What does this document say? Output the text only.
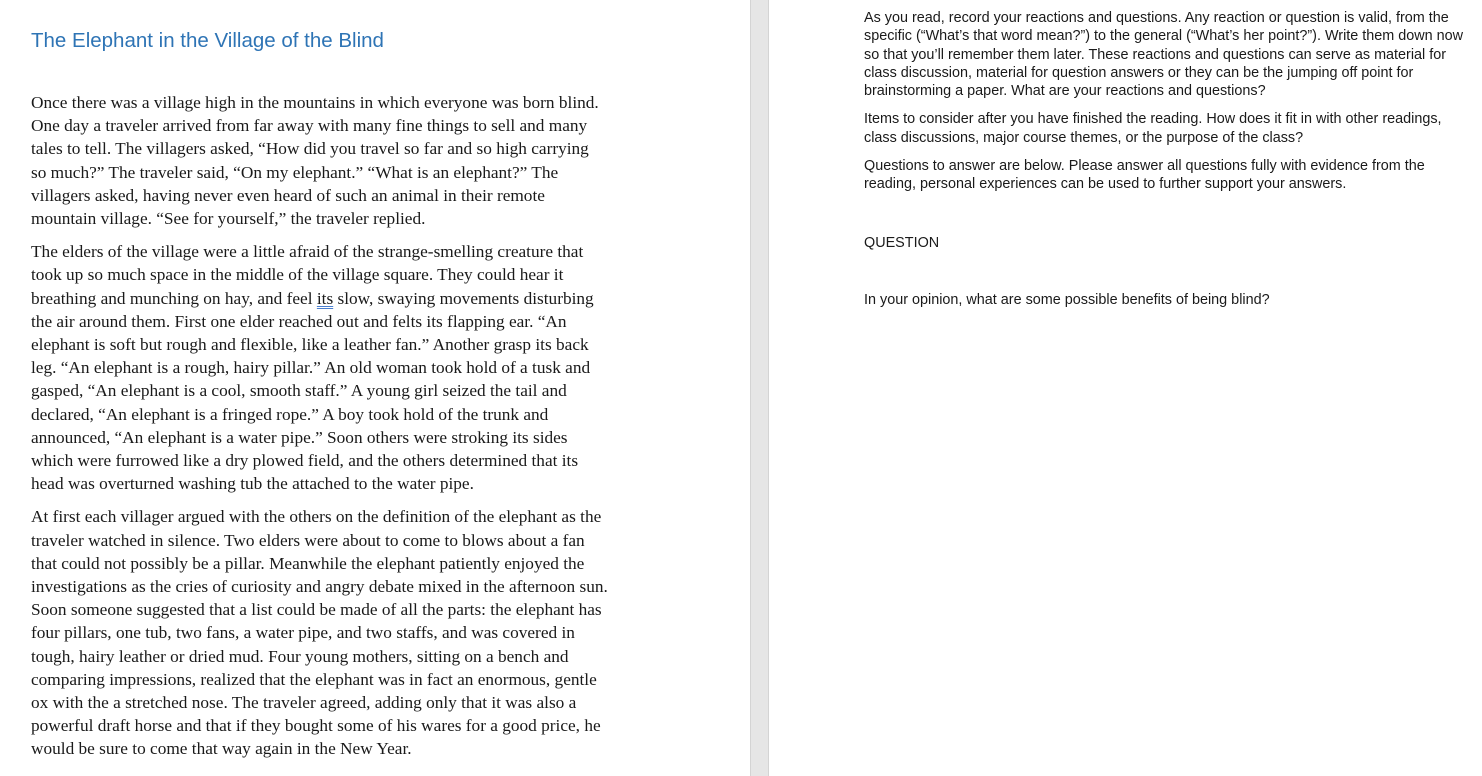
The Elephant in the Village of the Blind

Once there was a village high in the mountains in which everyone was born blind.
One day a traveler arrived from far away with many fine things to sell and many
tales to tell. The villagers asked, “How did you travel so far and so high carrying
so much?” The traveler said, “On my elephant.” “What is an elephant?” The
villagers asked, having never even heard of such an animal in their remote
mountain village. “See for yourself,” the traveler replied.

The elders of the village were a little afraid of the strange-smelling creature that
took up so much space in the middle of the village square. They could hear it
breathing and munching on hay, and feel its slow, swaying movements disturbing
the air around them. First one elder reached out and felts its flapping ear. “An
elephant is soft but rough and flexible, like a leather fan.” Another grasp its back
leg. “An elephant is a rough, hairy pillar.” An old woman took hold of a tusk and
gasped, “An elephant is a cool, smooth staff.” A young girl seized the tail and
declared, “An elephant is a fringed rope.” A boy took hold of the trunk and
announced, “An elephant is a water pipe.” Soon others were stroking its sides
which were furrowed like a dry plowed field, and the others determined that its
head was overturned washing tub the attached to the water pipe.

At first each villager argued with the others on the definition of the elephant as the
traveler watched in silence. Two elders were about to come to blows about a fan
that could not possibly be a pillar. Meanwhile the elephant patiently enjoyed the
investigations as the cries of curiosity and angry debate mixed in the afternoon sun.
Soon someone suggested that a list could be made of all the parts: the elephant has
four pillars, one tub, two fans, a water pipe, and two staffs, and was covered in
tough, hairy leather or dried mud. Four young mothers, sitting on a bench and
comparing impressions, realized that the elephant was in fact an enormous, gentle
ox with the a stretched nose. The traveler agreed, adding only that it was also a
powerful draft horse and that if they bought some of his wares for a good price, he
would be sure to come that way again in the New Year.

As you read, record your reactions and questions. Any reaction or question is valid, from the
specific (“What’s that word mean?”) to the general (“What’s her point?”). Write them down now
so that you’ll remember them later. These reactions and questions can serve as material for
class discussion, material for question answers or they can be the jumping off point for
brainstorming a paper. What are your reactions and questions?

Items to consider after you have finished the reading. How does it fit in with other readings,
class discussions, major course themes, or the purpose of the class?

Questions to answer are below. Please answer all questions fully with evidence from the
reading, personal experiences can be used to further support your answers.

QUESTION

In your opinion, what are some possible benefits of being blind?
